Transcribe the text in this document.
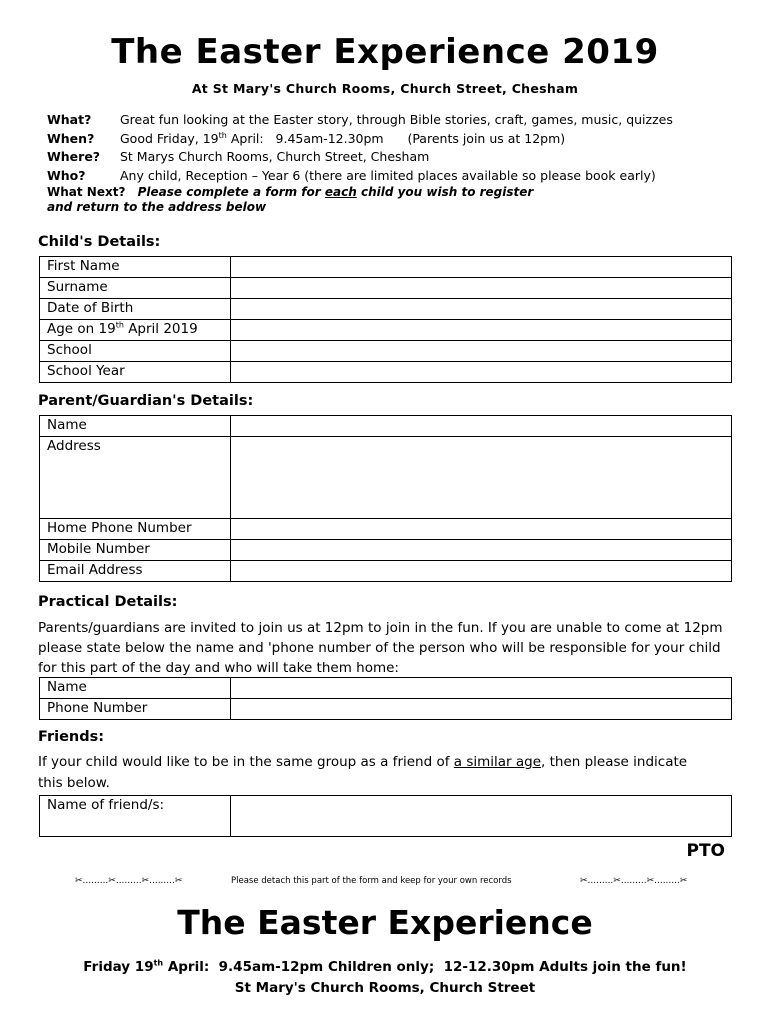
The Easter Experience 2019
At St Mary's Church Rooms, Church Street, Chesham
What? Great fun looking at the Easter story, through Bible stories, craft, games, music, quizzes
When? Good Friday, 19th April:   9.45am-12.30pm      (Parents join us at 12pm)
Where? St Marys Church Rooms, Church Street, Chesham
Who?	Any child, Reception – Year 6 (there are limited places available so please book early)
What Next? Please complete a form for each child you wish to register
and return to the address below
Child's Details:
First Name	
Surname	
Date of Birth	
Age on 19th April 2019	
School	
School Year	
Parent/Guardian's Details:
Name	
Address	
Home Phone Number	
Mobile Number	
Email Address	
Practical Details:
Parents/guardians are invited to join us at 12pm to join in the fun. If you are unable to come at 12pm please state below the name and 'phone number of the person who will be responsible for your child for this part of the day and who will take them home:
Name	
Phone Number	
Friends:
If your child would like to be in the same group as a friend of a similar age, then please indicate this below.
Name of friend/s:	
PTO
✂.........✂.........✂.........✂	Please detach this part of the form and keep for your own records	✂.........✂.........✂.........✂
The Easter Experience
Friday 19th April:  9.45am-12pm Children only;  12-12.30pm Adults join the fun!
St Mary's Church Rooms, Church Street
